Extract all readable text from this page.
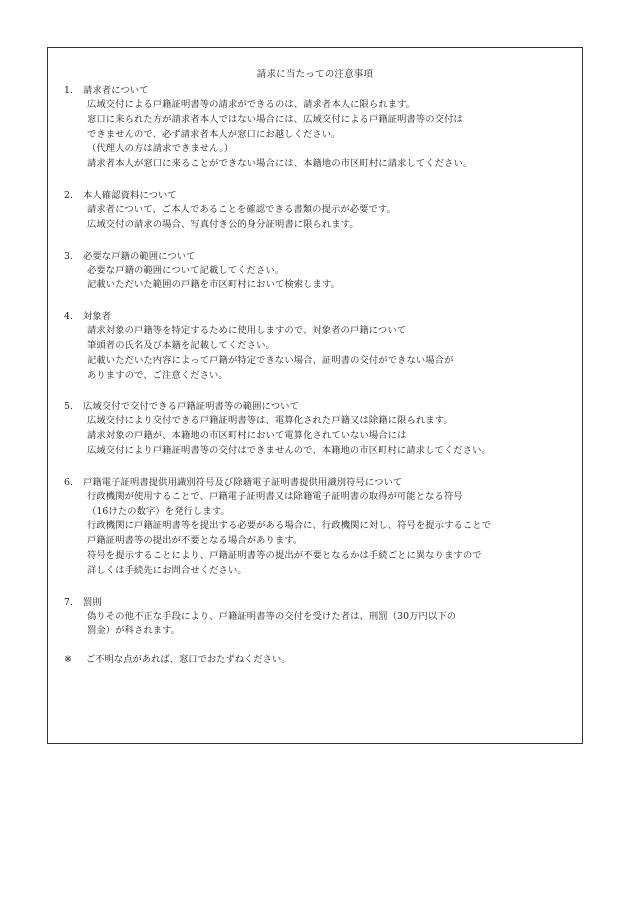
請求に当たっての注意事項
1. 請求者について
広域交付による戸籍証明書等の請求ができるのは、請求者本人に限られます。
窓口に来られた方が請求者本人ではない場合には、広域交付による戸籍証明書等の交付は
できませんので、必ず請求者本人が窓口にお越しください。
（代理人の方は請求できません。）
請求者本人が窓口に来ることができない場合には、本籍地の市区町村に請求してください。
2. 本人確認資料について
請求者について、ご本人であることを確認できる書類の提示が必要です。
広域交付の請求の場合、写真付き公的身分証明書に限られます。
3. 必要な戸籍の範囲について
必要な戸籍の範囲について記載してください。
記載いただいた範囲の戸籍を市区町村において検索します。
4. 対象者
請求対象の戸籍等を特定するために使用しますので、対象者の戸籍について
筆頭者の氏名及び本籍を記載してください。
記載いただいた内容によって戸籍が特定できない場合、証明書の交付ができない場合が
ありますので、ご注意ください。
5. 広域交付で交付できる戸籍証明書等の範囲について
広域交付により交付できる戸籍証明書等は、電算化された戸籍又は除籍に限られます。
請求対象の戸籍が、本籍地の市区町村において電算化されていない場合には
広域交付により戸籍証明書等の交付はできませんので、本籍地の市区町村に請求してください。
6. 戸籍電子証明書提供用識別符号及び除籍電子証明書提供用識別符号について
行政機関が使用することで、戸籍電子証明書又は除籍電子証明書の取得が可能となる符号
（16けたの数字）を発行します。
行政機関に戸籍証明書等を提出する必要がある場合に、行政機関に対し、符号を提示することで
戸籍証明書等の提出が不要となる場合があります。
符号を提示することにより、戸籍証明書等の提出が不要となるかは手続ごとに異なりますので
詳しくは手続先にお問合せください。
7. 罰則
偽りその他不正な手段により、戸籍証明書等の交付を受けた者は、刑罰（30万円以下の
罰金）が科されます。
※ ご不明な点があれば、窓口でおたずねください。
